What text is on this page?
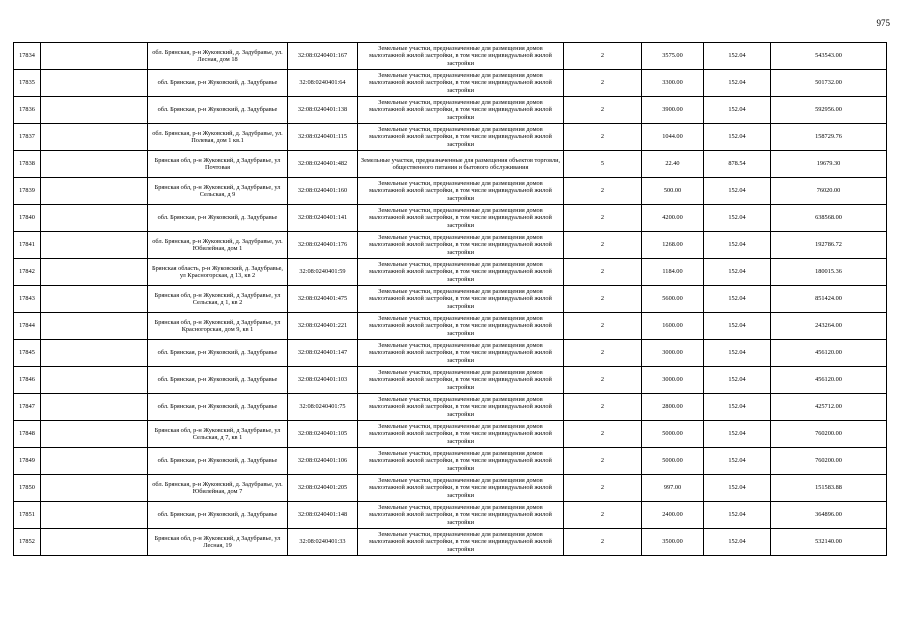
975
17834		обл. Брянская, р-н Жуковский, д. Задубравье, ул. Лесная, дом 18	32:08:0240401:167	Земельные участки, предназначенные для размещения домов малоэтажной жилой застройки, в том числе индивидуальной жилой застройки	2	3575.00	152.04	543543.00
17835		обл. Брянская, р-н Жуковский, д. Задубравье	32:08:0240401:64	Земельные участки, предназначенные для размещения домов малоэтажной жилой застройки, в том числе индивидуальной жилой застройки	2	3300.00	152.04	501732.00
17836		обл. Брянская, р-н Жуковский, д. Задубравье	32:08:0240401:138	Земельные участки, предназначенные для размещения домов малоэтажной жилой застройки, в том числе индивидуальной жилой застройки	2	3900.00	152.04	592956.00
17837		обл. Брянская, р-н Жуковский, д. Задубравье, ул. Полевая, дом 1 кв.1	32:08:0240401:115	Земельные участки, предназначенные для размещения домов малоэтажной жилой застройки, в том числе индивидуальной жилой застройки	2	1044.00	152.04	158729.76
17838		Брянская обл, р-н Жуковский, д Задубравье, ул Почтовая	32:08:0240401:482	Земельные участки, предназначенные для размещения объектов торговли, общественного питания и бытового обслуживания	5	22.40	878.54	19679.30
17839		Брянская обл, р-н Жуковский, д Задубравье, ул Сельская, д 9	32:08:0240401:160	Земельные участки, предназначенные для размещения домов малоэтажной жилой застройки, в том числе индивидуальной жилой застройки	2	500.00	152.04	76020.00
17840		обл. Брянская, р-н Жуковский, д. Задубравье	32:08:0240401:141	Земельные участки, предназначенные для размещения домов малоэтажной жилой застройки, в том числе индивидуальной жилой застройки	2	4200.00	152.04	638568.00
17841		обл. Брянская, р-н Жуковский, д. Задубравье, ул. Юбилейная, дом 1	32:08:0240401:176	Земельные участки, предназначенные для размещения домов малоэтажной жилой застройки, в том числе индивидуальной жилой застройки	2	1268.00	152.04	192786.72
17842		Брянская область, р-н Жуковский, д. Задубравье, ул Красногорская, д 13, кв 2	32:08:0240401:59	Земельные участки, предназначенные для размещения домов малоэтажной жилой застройки, в том числе индивидуальной жилой застройки	2	1184.00	152.04	180015.36
17843		Брянская обл, р-н Жуковский, д Задубравье, ул Сельская, д 1, кв 2	32:08:0240401:475	Земельные участки, предназначенные для размещения домов малоэтажной жилой застройки, в том числе индивидуальной жилой застройки	2	5600.00	152.04	851424.00
17844		Брянская обл, р-н Жуковский, д Задубравье, ул Красногорская, дом 9, кв 1	32:08:0240401:221	Земельные участки, предназначенные для размещения домов малоэтажной жилой застройки, в том числе индивидуальной жилой застройки	2	1600.00	152.04	243264.00
17845		обл. Брянская, р-н Жуковский, д. Задубравье	32:08:0240401:147	Земельные участки, предназначенные для размещения домов малоэтажной жилой застройки, в том числе индивидуальной жилой застройки	2	3000.00	152.04	456120.00
17846		обл. Брянская, р-н Жуковский, д. Задубравье	32:08:0240401:103	Земельные участки, предназначенные для размещения домов малоэтажной жилой застройки, в том числе индивидуальной жилой застройки	2	3000.00	152.04	456120.00
17847		обл. Брянская, р-н Жуковский, д. Задубравье	32:08:0240401:75	Земельные участки, предназначенные для размещения домов малоэтажной жилой застройки, в том числе индивидуальной жилой застройки	2	2800.00	152.04	425712.00
17848		Брянская обл, р-н Жуковский, д Задубравье, ул Сельская, д 7, кв 1	32:08:0240401:105	Земельные участки, предназначенные для размещения домов малоэтажной жилой застройки, в том числе индивидуальной жилой застройки	2	5000.00	152.04	760200.00
17849		обл. Брянская, р-н Жуковский, д. Задубравье	32:08:0240401:106	Земельные участки, предназначенные для размещения домов малоэтажной жилой застройки, в том числе индивидуальной жилой застройки	2	5000.00	152.04	760200.00
17850		обл. Брянская, р-н Жуковский, д. Задубравье, ул. Юбилейная, дом 7	32:08:0240401:205	Земельные участки, предназначенные для размещения домов малоэтажной жилой застройки, в том числе индивидуальной жилой застройки	2	997.00	152.04	151583.88
17851		обл. Брянская, р-н Жуковский, д. Задубравье	32:08:0240401:148	Земельные участки, предназначенные для размещения домов малоэтажной жилой застройки, в том числе индивидуальной жилой застройки	2	2400.00	152.04	364896.00
17852		Брянская обл, р-н Жуковский, д Задубравье, ул Лесная, 19	32:08:0240401:33	Земельные участки, предназначенные для размещения домов малоэтажной жилой застройки, в том числе индивидуальной жилой застройки	2	3500.00	152.04	532140.00
